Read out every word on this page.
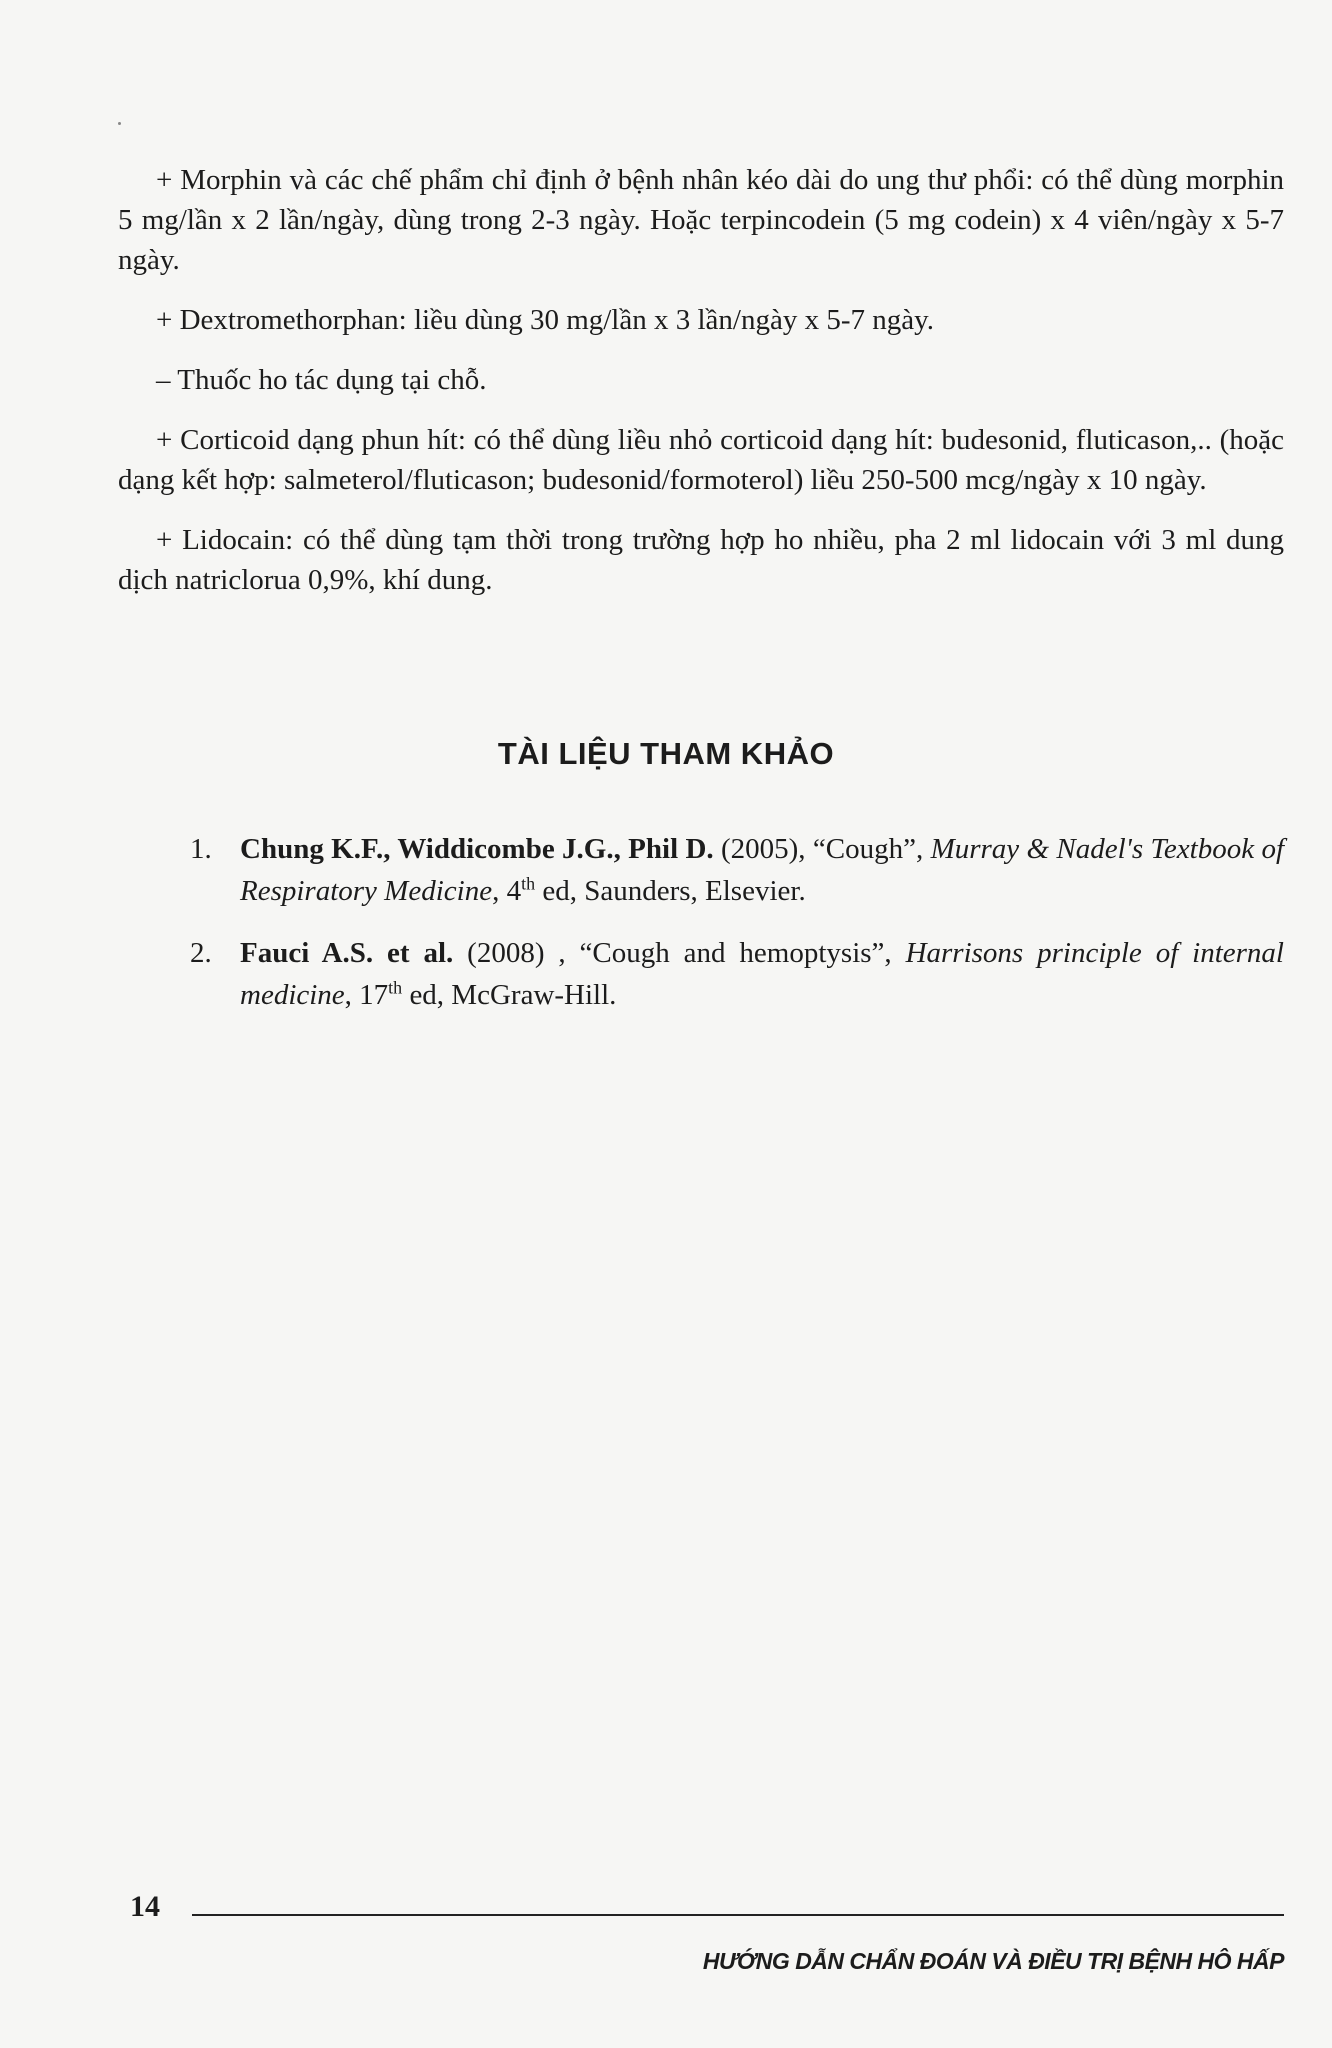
+ Morphin và các chế phẩm chỉ định ở bệnh nhân kéo dài do ung thư phổi: có thể dùng morphin 5 mg/lần x 2 lần/ngày, dùng trong 2-3 ngày. Hoặc terpincodein (5 mg codein) x 4 viên/ngày x 5-7 ngày.

+ Dextromethorphan: liều dùng 30 mg/lần x 3 lần/ngày x 5-7 ngày.

– Thuốc ho tác dụng tại chỗ.

+ Corticoid dạng phun hít: có thể dùng liều nhỏ corticoid dạng hít: budesonid, fluticason,.. (hoặc dạng kết hợp: salmeterol/fluticason; budesonid/formoterol) liều 250-500 mcg/ngày x 10 ngày.

+ Lidocain: có thể dùng tạm thời trong trường hợp ho nhiều, pha 2 ml lidocain với 3 ml dung dịch natriclorua 0,9%, khí dung.

TÀI LIỆU THAM KHẢO
1. Chung K.F., Widdicombe J.G., Phil D. (2005), “Cough”, Murray & Nadel's Textbook of Respiratory Medicine, 4th ed, Saunders, Elsevier.
2. Fauci A.S. et al. (2008) , “Cough and hemoptysis”, Harrisons principle of internal medicine, 17th ed, McGraw-Hill.
14
HƯỚNG DẪN CHẨN ĐOÁN VÀ ĐIỀU TRỊ BỆNH HÔ HẤP
